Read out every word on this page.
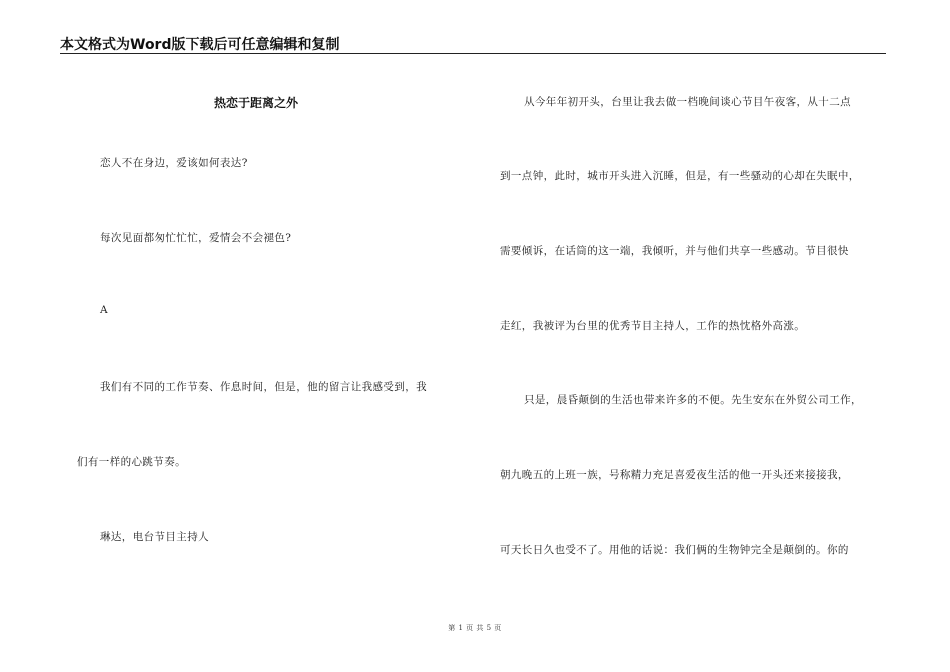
本文格式为Word版下载后可任意编辑和复制
热恋于距离之外
恋人不在身边，爱该如何表达?
每次见面都匆忙忙忙，爱情会不会褪色?
A
我们有不同的工作节奏、作息时间，但是，他的留言让我感受到，我
们有一样的心跳节奏。
琳达，电台节目主持人
从今年年初开头，台里让我去做一档晚间谈心节目午夜客，从十二点
到一点钟，此时，城市开头进入沉睡，但是，有一些骚动的心却在失眠中，
需要倾诉，在话筒的这一端，我倾听，并与他们共享一些感动。节目很快
走红，我被评为台里的优秀节目主持人，工作的热忱格外高涨。
只是，晨昏颠倒的生活也带来许多的不便。先生安东在外贸公司工作，
朝九晚五的上班一族，号称精力充足喜爱夜生活的他一开头还来接接我，
可天长日久也受不了。用他的话说：我们俩的生物钟完全是颠倒的。你的
第 1 页 共 5 页
